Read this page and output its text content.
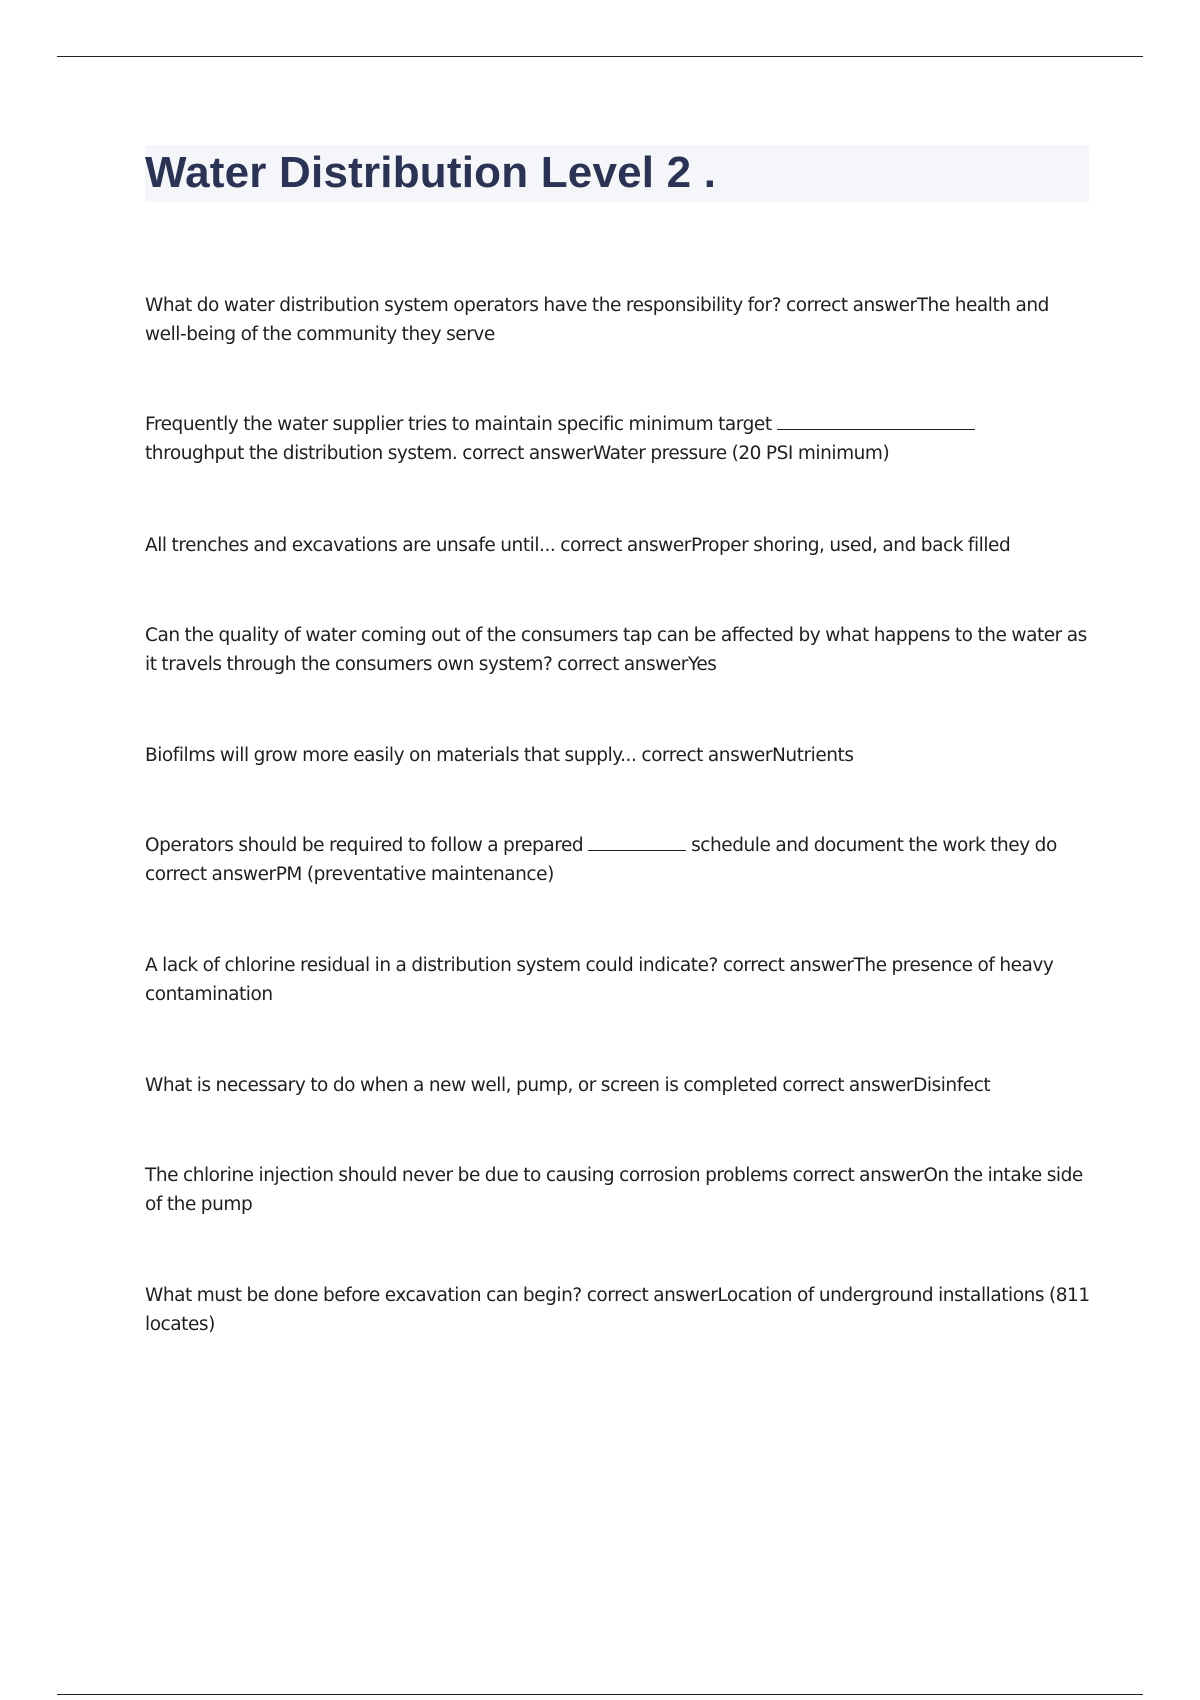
Water Distribution Level 2 .

What do water distribution system operators have the responsibility for? correct answerThe health and well-being of the community they serve

Frequently the water supplier tries to maintain specific minimum target
throughput the distribution system. correct answerWater pressure (20 PSI minimum)

All trenches and excavations are unsafe until... correct answerProper shoring, used, and back filled

Can the quality of water coming out of the consumers tap can be affected by what happens to the water as it travels through the consumers own system? correct answerYes

Biofilms will grow more easily on materials that supply... correct answerNutrients

Operators should be required to follow a prepared	schedule and document the work they do
correct answerPM (preventative maintenance)

A lack of chlorine residual in a distribution system could indicate? correct answerThe presence of heavy contamination

What is necessary to do when a new well, pump, or screen is completed correct answerDisinfect

The chlorine injection should never be due to causing corrosion problems correct answerOn the intake side of the pump

What must be done before excavation can begin? correct answerLocation of underground installations (811 locates)
